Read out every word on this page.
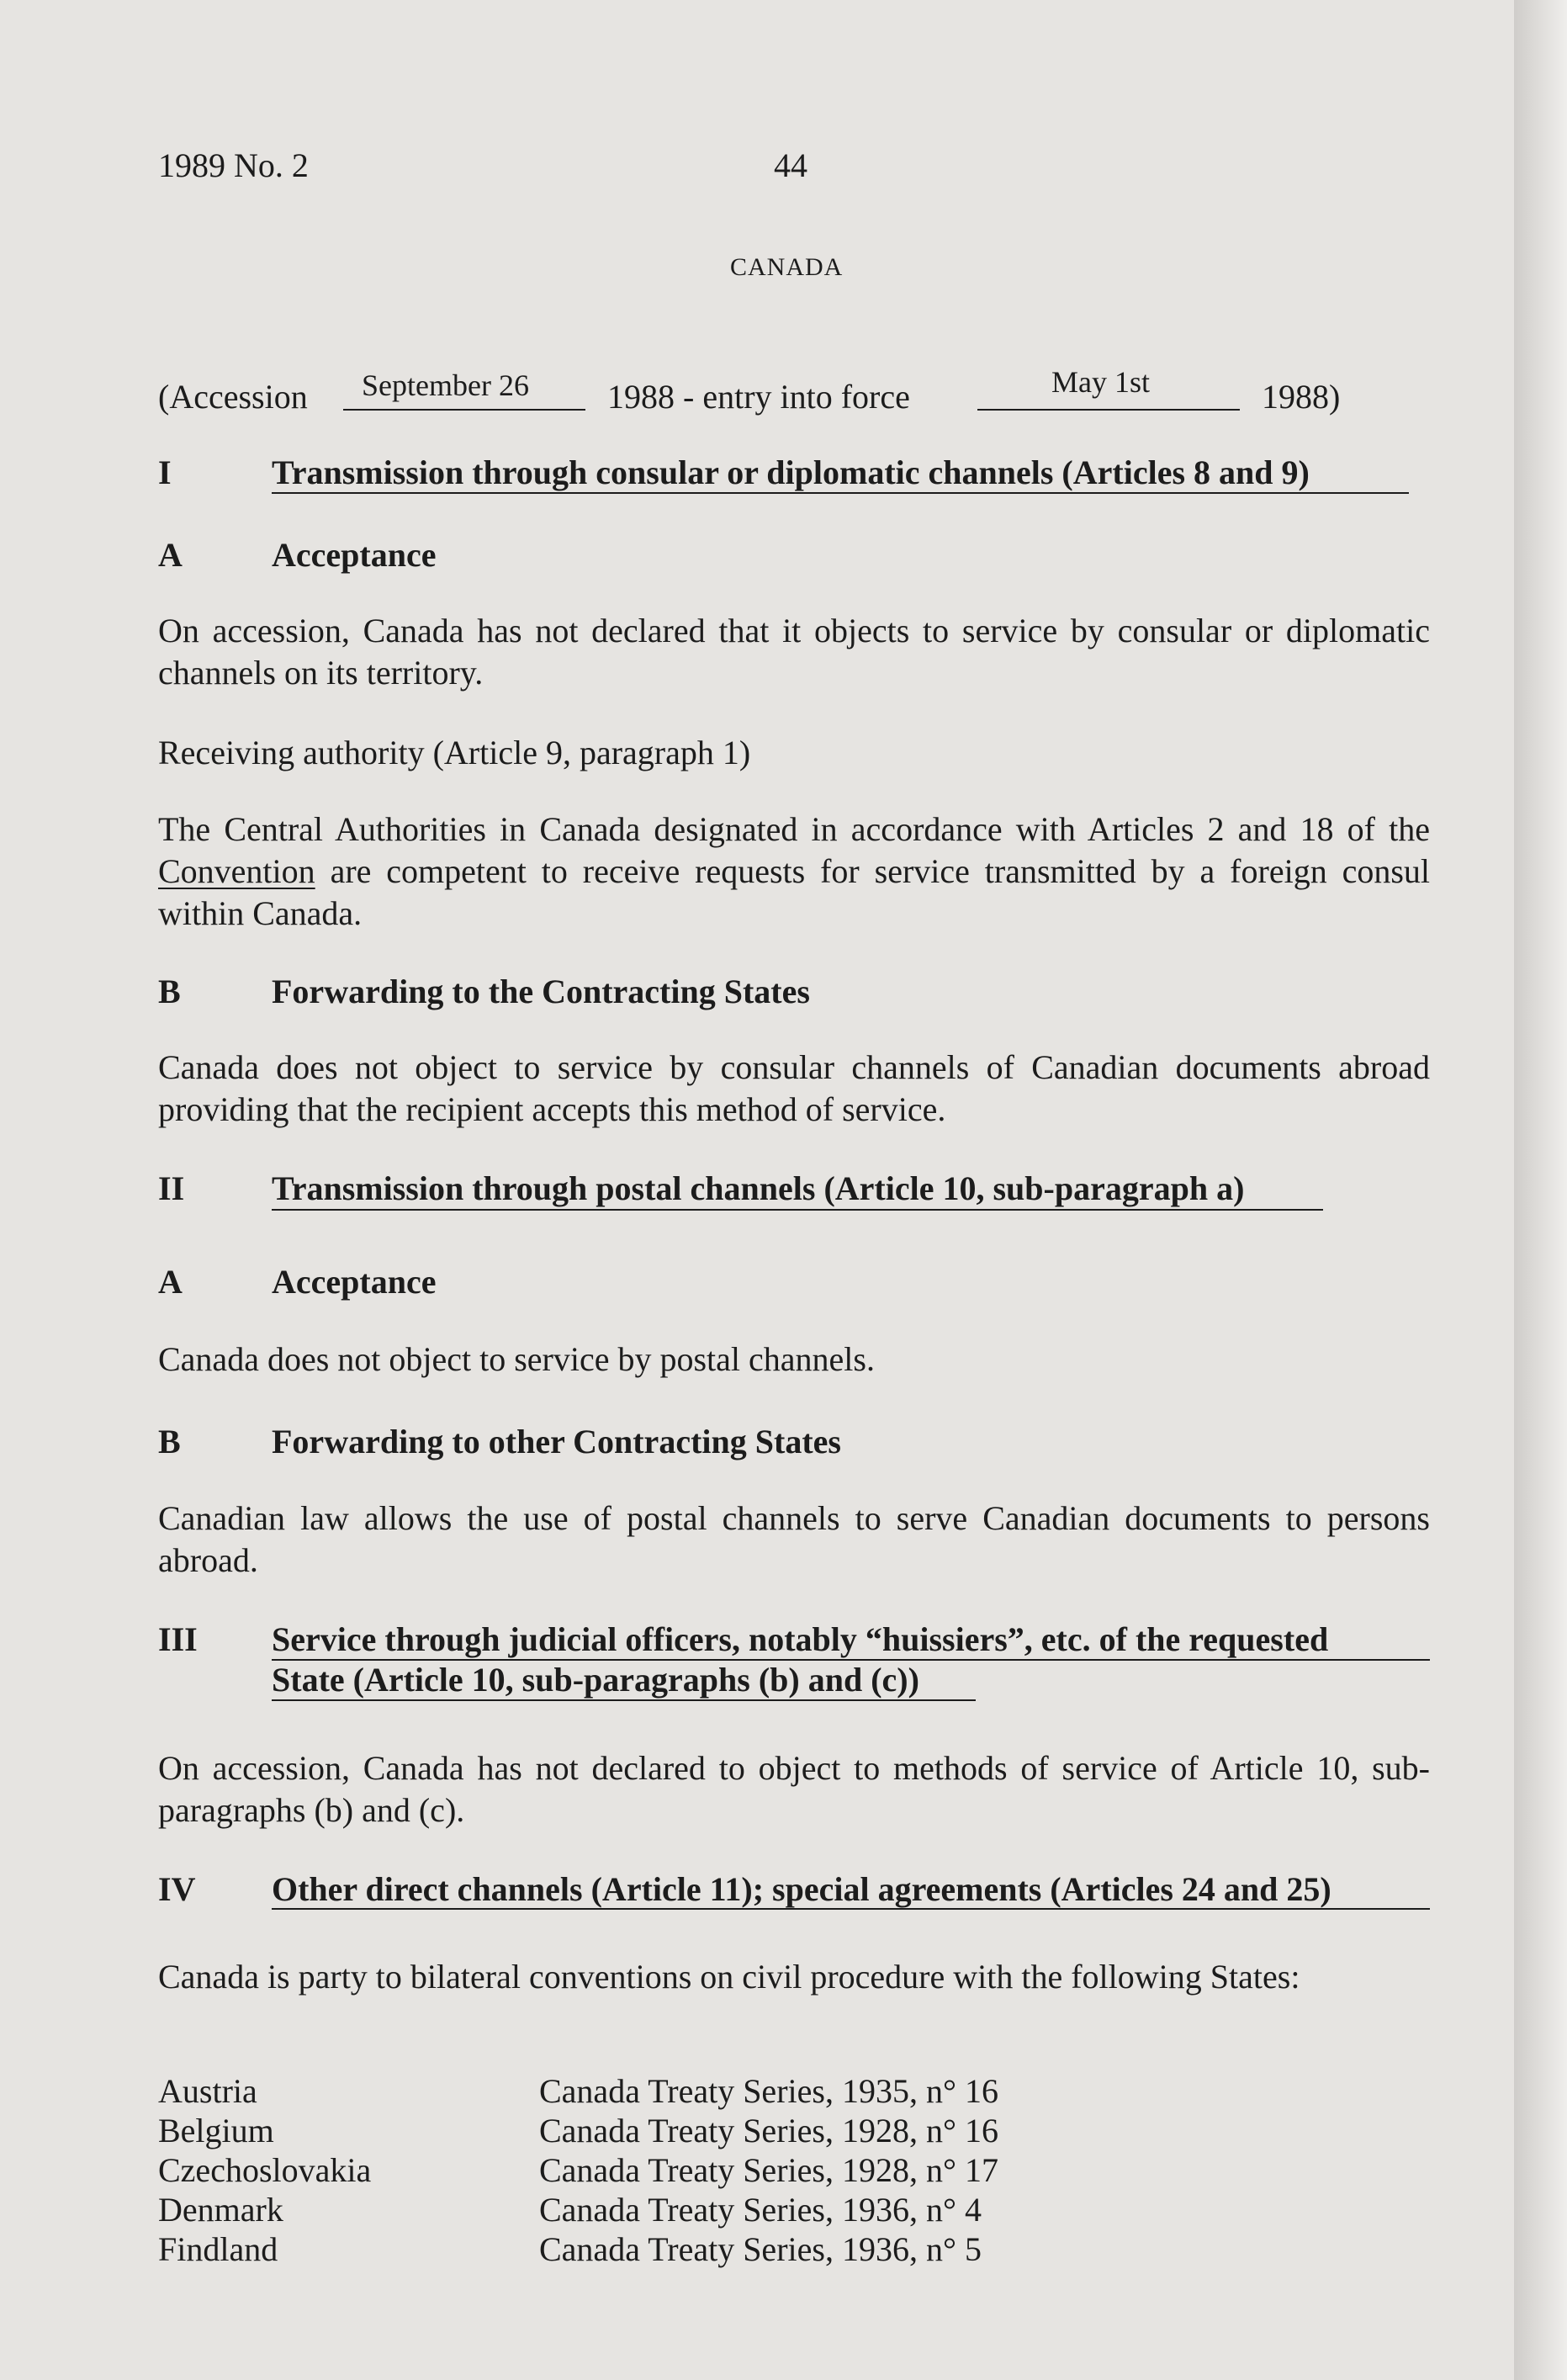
1989 No. 2	44
CANADA
(Accession September 26 1988 - entry into force	May 1st	1988)
I	Transmission through consular or diplomatic channels (Articles 8 and 9)
A	Acceptance
On accession, Canada has not declared that it objects to service by consular or diplomatic channels on its territory.
Receiving authority (Article 9, paragraph 1)
The Central Authorities in Canada designated in accordance with Articles 2 and 18 of the Convention are competent to receive requests for service transmitted by a foreign consul within Canada.
B	Forwarding to the Contracting States
Canada does not object to service by consular channels of Canadian documents abroad providing that the recipient accepts this method of service.
II	Transmission through postal channels (Article 10, sub-paragraph a)
A	Acceptance
Canada does not object to service by postal channels.
B	Forwarding to other Contracting States
Canadian law allows the use of postal channels to serve Canadian documents to persons abroad.
III Service through judicial officers, notably “huissiers”, etc. of the requested
State (Article 10, sub-paragraphs (b) and (c))
On accession, Canada has not declared to object to methods of service of Article 10, sub-paragraphs (b) and (c).
IV Other direct channels (Article 11); special agreements (Articles 24 and 25)
Canada is party to bilateral conventions on civil procedure with the following States:
Austria	Canada Treaty Series, 1935, n° 16
Belgium	Canada Treaty Series, 1928, n° 16
Czechoslovakia	Canada Treaty Series, 1928, n° 17
Denmark	Canada Treaty Series, 1936, n° 4
Findland	Canada Treaty Series, 1936, n° 5
